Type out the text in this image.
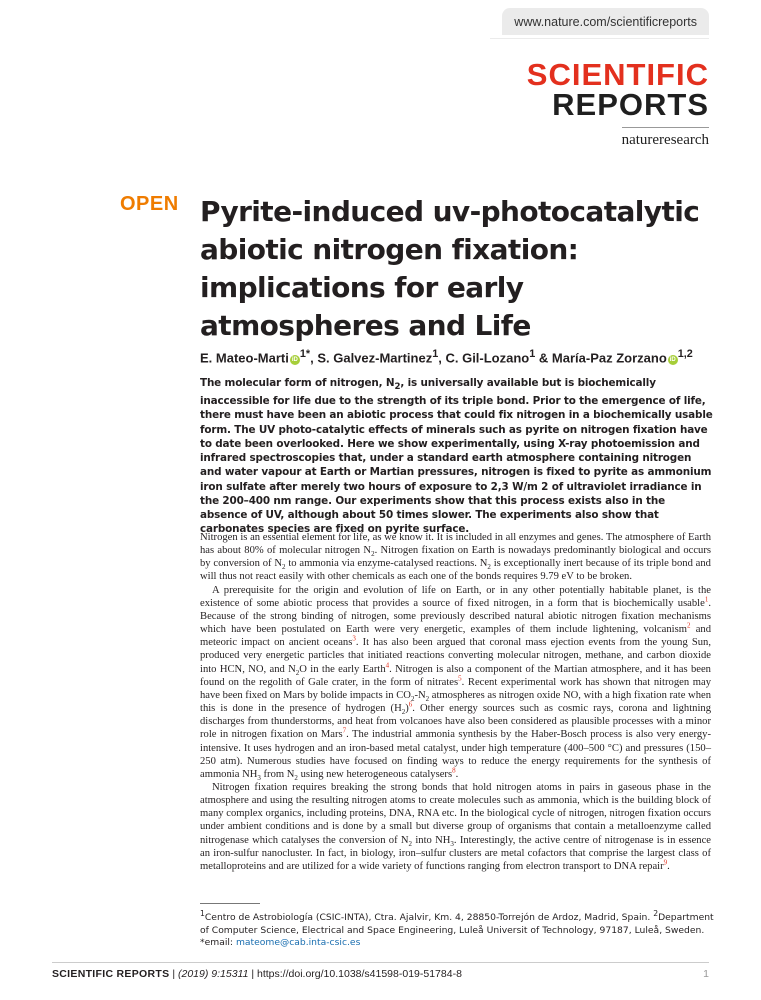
www.nature.com/scientificreports
SCIENTIFIC
REPORTS
natureresearch
OPEN Pyrite-induced uv-photocatalytic abiotic nitrogen fixation: implications for early atmospheres and Life
E. Mateo-Marti $iD^{1*}$, S. Galvez-Martinez$^1$, C. Gil-Lozano$^1$ & María-Paz Zorzano iD$^{1,2}$
The molecular form of nitrogen, $N_2$, is universally available but is biochemically inaccessible for life due to the strength of its triple bond. Prior to the emergence of life, there must have been an abiotic process that could fix nitrogen in a biochemically usable form. The UV photo-catalytic effects of minerals such as pyrite on nitrogen fixation have to date been overlooked. Here we show experimentally, using X-ray photoemission and infrared spectroscopies that, under a standard earth atmosphere containing nitrogen and water vapour at Earth or Martian pressures, nitrogen is fixed to pyrite as ammonium iron sulfate after merely two hours of exposure to 2,3 W/m 2 of ultraviolet irradiance in the 200–400 nm range. Our experiments show that this process exists also in the absence of UV, although about 50 times slower. The experiments also show that carbonates species are fixed on pyrite surface.

Nitrogen is an essential element for life, as we know it. It is included in all enzymes and genes. The atmosphere of Earth has about 80% of molecular nitrogen $N_2$. Nitrogen fixation on Earth is nowadays predominantly biological and occurs by conversion of $N_2$ to ammonia via enzyme-catalysed reactions. $N_2$ is exceptionally inert because of its triple bond and will thus not react easily with other chemicals as each one of the bonds requires 9.79 eV to be broken.

A prerequisite for the origin and evolution of life on Earth, or in any other potentially habitable planet, is the existence of some abiotic process that provides a source of fixed nitrogen, in a form that is biochemically usable$^1$. Because of the strong binding of nitrogen, some previously described natural abiotic nitrogen fixation mechanisms which have been postulated on Earth were very energetic, examples of them include lightening, volcanism$^2$ and meteoric impact on ancient oceans$^3$. It has also been argued that coronal mass ejection events from the young Sun, produced very energetic particles that initiated reactions converting molecular nitrogen, methane, and carbon dioxide into HCN, NO, and $N_2O$ in the early Earth$^4$. Nitrogen is also a component of the Martian atmosphere, and it has been found on the regolith of Gale crater, in the form of nitrates$^5$. Recent experimental work has shown that nitrogen may have been fixed on Mars by bolide impacts in $CO_2-N_2$ atmospheres as nitrogen oxide NO, with a high fixation rate when this is done in the presence of hydrogen $(H_2)^6$. Other energy sources such as cosmic rays, corona and lightning discharges from thunderstorms, and heat from volcanoes have also been considered as plausible processes with a minor role in nitrogen fixation on Mars$^7$. The industrial ammonia synthesis by the Haber-Bosch process is also very energy-intensive. It uses hydrogen and an iron-based metal catalyst, under high temperature (400–500 °C) and pressures (150–250 atm). Numerous studies have focused on finding ways to reduce the energy requirements for the synthesis of ammonia $NH_3$ from $N_2$ using new heterogeneous catalysers$^8$.

Nitrogen fixation requires breaking the strong bonds that hold nitrogen atoms in pairs in gaseous phase in the atmosphere and using the resulting nitrogen atoms to create molecules such as ammonia, which is the building block of many complex organics, including proteins, DNA, RNA etc. In the biological cycle of nitrogen, nitrogen fixation occurs under ambient conditions and is done by a small but diverse group of organisms that contain a metalloenzyme called nitrogenase which catalyses the conversion of $N_2$ into $NH_3$. Interestingly, the active centre of nitrogenase is in essence an iron-sulfur nanocluster. In fact, in biology, iron–sulfur clusters are metal cofactors that comprise the largest class of metalloproteins and are utilized for a wide variety of functions ranging from electron transport to DNA repair$^9$.

$^1$Centro de Astrobiología (CSIC-INTA), Ctra. Ajalvir, Km. 4, 28850-Torrejón de Ardoz, Madrid, Spain. $^2$Department of Computer Science, Electrical and Space Engineering, Luleå Universit of Technology, 97187, Luleå, Sweden. *email: mateome@cab.inta-csic.es
SCIENTIFIC REPORTS | (2019) 9:15311 | https://doi.org/10.1038/s41598-019-51784-8	1
